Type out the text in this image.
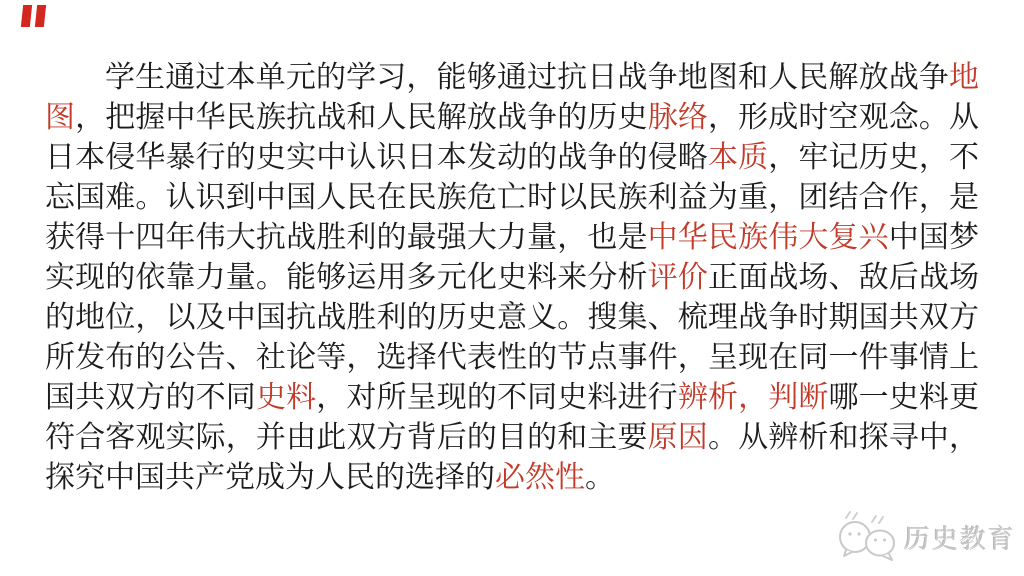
学生通过本单元的学习，能够通过抗日战争地图和人民解放战争地
图，把握中华民族抗战和人民解放战争的历史脉络，形成时空观念。从
日本侵华暴行的史实中认识日本发动的战争的侵略本质，牢记历史，不
忘国难。认识到中国人民在民族危亡时以民族利益为重，团结合作，是
获得十四年伟大抗战胜利的最强大力量，也是中华民族伟大复兴中国梦
实现的依靠力量。能够运用多元化史料来分析评价正面战场、敌后战场
的地位，以及中国抗战胜利的历史意义。搜集、梳理战争时期国共双方
所发布的公告、社论等，选择代表性的节点事件，呈现在同一件事情上
国共双方的不同史料，对所呈现的不同史料进行辨析，判断哪一史料更
符合客观实际，并由此双方背后的目的和主要原因。从辨析和探寻中，
探究中国共产党成为人民的选择的必然性。
历史教育
